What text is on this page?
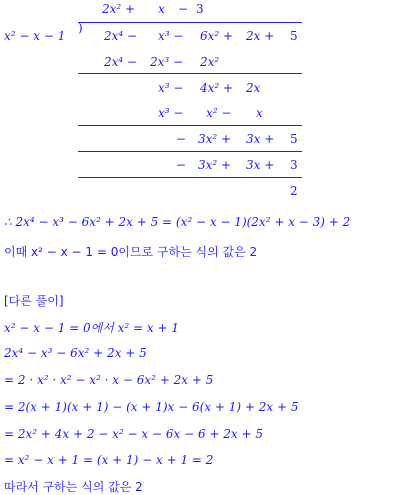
2x² + x − 3
x² − x − 1
)
2x⁴ − x³ − 6x² + 2x + 5
2x⁴ − 2x³ − 2x²
x³ − 4x² + 2x
x³ − x² − x
− 3x² + 3x + 5
− 3x² + 3x + 3
2
∴ 2x⁴ − x³ − 6x² + 2x + 5 = (x² − x − 1)(2x² + x − 3) + 2
이때 x² − x − 1 = 0이므로 구하는 식의 값은 2
[다른 풀이]
x² − x − 1 = 0에서 x² = x + 1
2x⁴ − x³ − 6x² + 2x + 5
= 2 · x² · x² − x² · x − 6x² + 2x + 5
= 2(x + 1)(x + 1) − (x + 1)x − 6(x + 1) + 2x + 5
= 2x² + 4x + 2 − x² − x − 6x − 6 + 2x + 5
= x² − x + 1 = (x + 1) − x + 1 = 2
따라서 구하는 식의 값은 2
